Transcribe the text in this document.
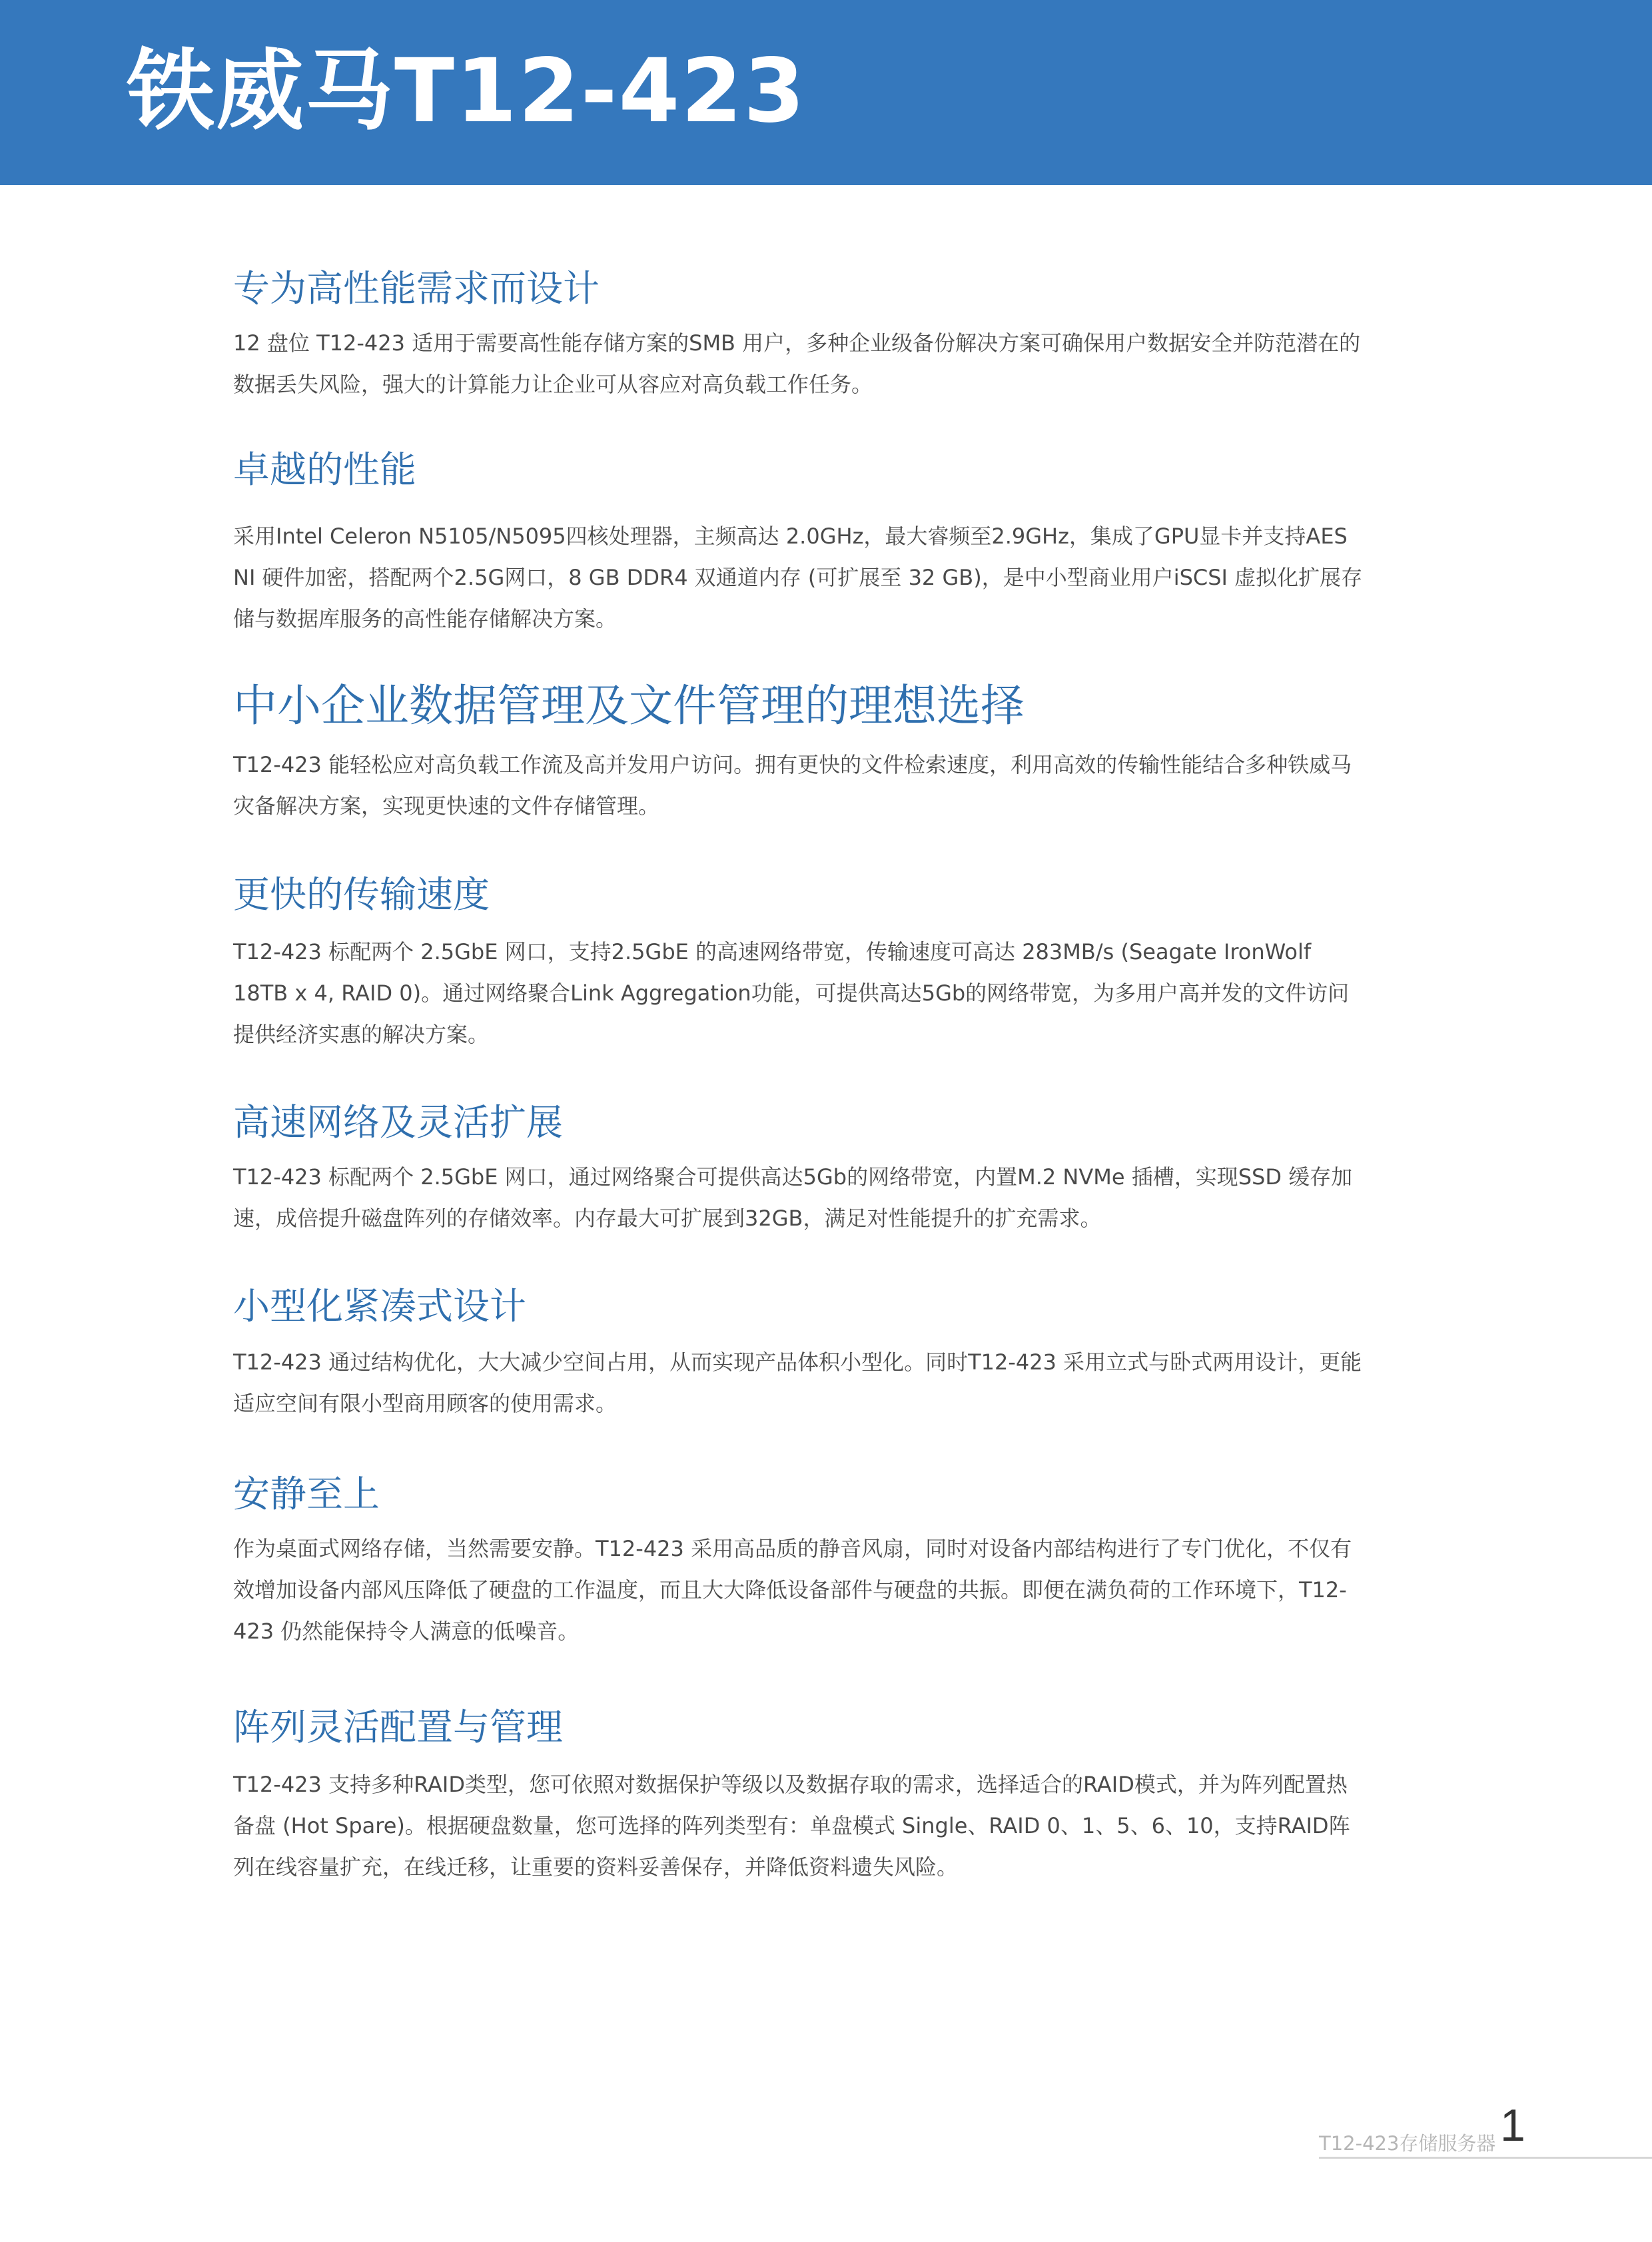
铁威马T12-423
专为高性能需求而设计

12 盘位 T12-423 适用于需要高性能存储方案的SMB 用户，多种企业级备份解决方案可确保用户数据安全并防范潜在的数据丢失风险，强大的计算能力让企业可从容应对高负载工作任务。

卓越的性能

采用Intel Celeron N5105/N5095四核处理器，主频高达 2.0GHz，最大睿频至2.9GHz，集成了GPU显卡并支持AES NI 硬件加密，搭配两个2.5G网口，8 GB DDR4 双通道内存 (可扩展至 32 GB)，是中小型商业用户iSCSI 虚拟化扩展存储与数据库服务的高性能存储解决方案。

中小企业数据管理及文件管理的理想选择

T12-423 能轻松应对高负载工作流及高并发用户访问。拥有更快的文件检索速度，利用高效的传输性能结合多种铁威马灾备解决方案，实现更快速的文件存储管理。

更快的传输速度

T12-423 标配两个 2.5GbE 网口，支持2.5GbE 的高速网络带宽，传输速度可高达 283MB/s (Seagate IronWolf 18TB x 4, RAID 0)。通过网络聚合Link Aggregation功能，可提供高达5Gb的网络带宽，为多用户高并发的文件访问提供经济实惠的解决方案。

高速网络及灵活扩展

T12-423 标配两个 2.5GbE 网口，通过网络聚合可提供高达5Gb的网络带宽，内置M.2 NVMe 插槽，实现SSD 缓存加速，成倍提升磁盘阵列的存储效率。内存最大可扩展到32GB，满足对性能提升的扩充需求。

小型化紧凑式设计

T12-423 通过结构优化，大大减少空间占用，从而实现产品体积小型化。同时T12-423 采用立式与卧式两用设计，更能适应空间有限小型商用顾客的使用需求。

安静至上

作为桌面式网络存储，当然需要安静。T12-423 采用高品质的静音风扇，同时对设备内部结构进行了专门优化，不仅有效增加设备内部风压降低了硬盘的工作温度，而且大大降低设备部件与硬盘的共振。即便在满负荷的工作环境下，T12-423 仍然能保持令人满意的低噪音。

阵列灵活配置与管理

T12-423 支持多种RAID类型，您可依照对数据保护等级以及数据存取的需求，选择适合的RAID模式，并为阵列配置热备盘 (Hot Spare)。根据硬盘数量，您可选择的阵列类型有：单盘模式 Single、RAID 0、1、5、6、10，支持RAID阵列在线容量扩充，在线迁移，让重要的资料妥善保存，并降低资料遗失风险。

T12-423存储服务器 1
